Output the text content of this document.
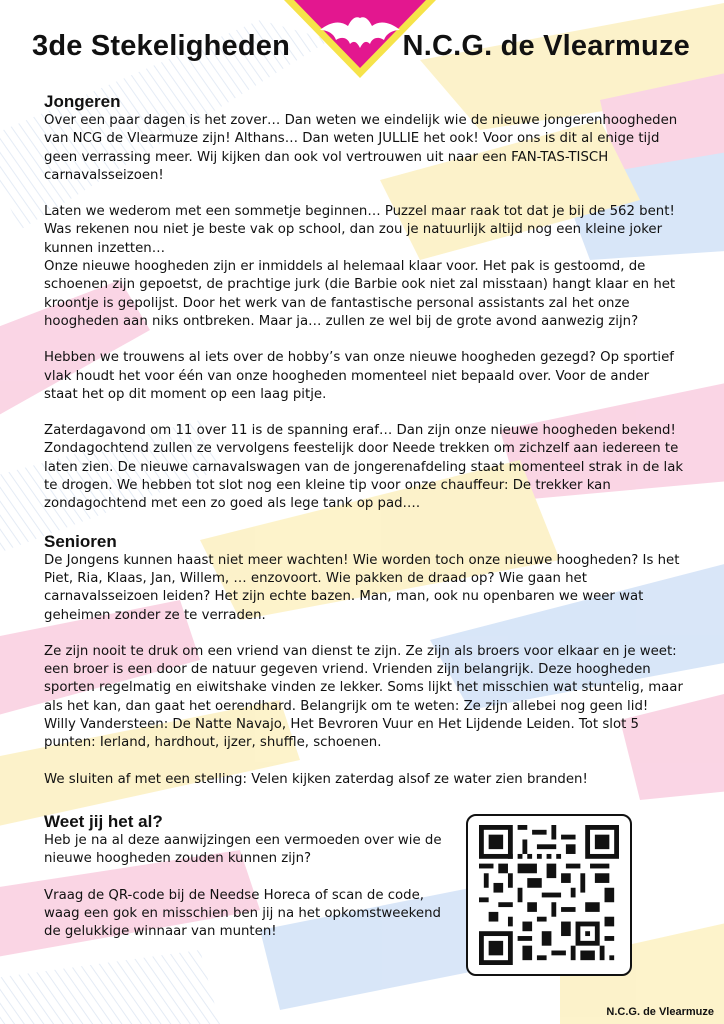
3de Stekeligheden	N.C.G. de Vlearmuze
Jongeren

Over een paar dagen is het zover… Dan weten we eindelijk wie de nieuwe jongerenhoogheden van NCG de Vlearmuze zijn! Althans… Dan weten JULLIE het ook! Voor ons is dit al enige tijd geen verrassing meer. Wij kijken dan ook vol vertrouwen uit naar een FAN-TAS-TISCH carnavalsseizoen!

Laten we wederom met een sommetje beginnen… Puzzel maar raak tot dat je bij de 562 bent! Was rekenen nou niet je beste vak op school, dan zou je natuurlijk altijd nog een kleine joker kunnen inzetten…

Onze nieuwe hoogheden zijn er inmiddels al helemaal klaar voor. Het pak is gestoomd, de schoenen zijn gepoetst, de prachtige jurk (die Barbie ook niet zal misstaan) hangt klaar en het kroontje is gepolijst. Door het werk van de fantastische personal assistants zal het onze hoogheden aan niks ontbreken. Maar ja… zullen ze wel bij de grote avond aanwezig zijn?

Hebben we trouwens al iets over de hobby’s van onze nieuwe hoogheden gezegd? Op sportief vlak houdt het voor één van onze hoogheden momenteel niet bepaald over. Voor de ander staat het op dit moment op een laag pitje.

Zaterdagavond om 11 over 11 is de spanning eraf… Dan zijn onze nieuwe hoogheden bekend! Zondagochtend zullen ze vervolgens feestelijk door Neede trekken om zichzelf aan iedereen te laten zien. De nieuwe carnavalswagen van de jongerenafdeling staat momenteel strak in de lak te drogen. We hebben tot slot nog een kleine tip voor onze chauffeur: De trekker kan zondagochtend met een zo goed als lege tank op pad….

Senioren

De Jongens kunnen haast niet meer wachten! Wie worden toch onze nieuwe hoogheden? Is het Piet, Ria, Klaas, Jan, Willem, … enzovoort. Wie pakken de draad op? Wie gaan het carnavalsseizoen leiden? Het zijn echte bazen. Man, man, ook nu openbaren we weer wat geheimen zonder ze te verraden.

Ze zijn nooit te druk om een vriend van dienst te zijn. Ze zijn als broers voor elkaar en je weet: een broer is een door de natuur gegeven vriend. Vrienden zijn belangrijk. Deze hoogheden sporten regelmatig en eiwitshake vinden ze lekker. Soms lijkt het misschien wat stuntelig, maar als het kan, dan gaat het oerendhard. Belangrijk om te weten: Ze zijn allebei nog geen lid! Willy Vandersteen: De Natte Navajo, Het Bevroren Vuur en Het Lijdende Leiden. Tot slot 5 punten: Ierland, hardhout, ijzer, shuffle, schoenen.

We sluiten af met een stelling: Velen kijken zaterdag alsof ze water zien branden!

Weet jij het al?

Heb je na al deze aanwijzingen een vermoeden over wie de nieuwe hoogheden zouden kunnen zijn?

Vraag de QR-code bij de Needse Horeca of scan de code, waag een gok en misschien ben jij na het opkomstweekend de gelukkige winnaar van munten!

N.C.G. de Vlearmuze
